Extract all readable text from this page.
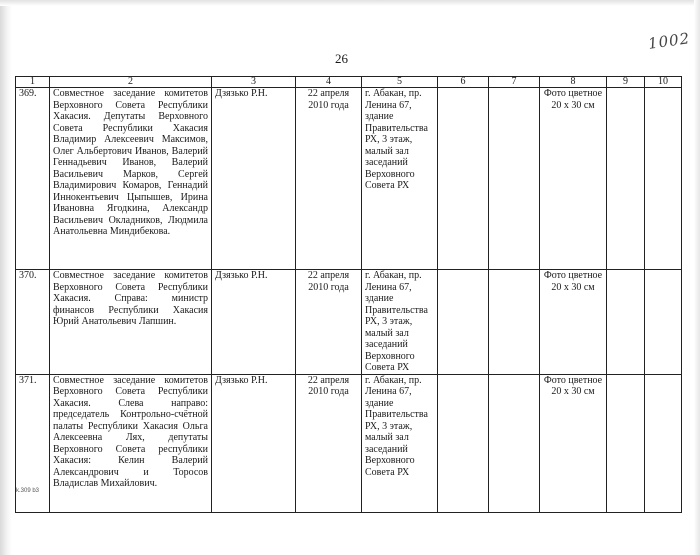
1002
26
1	2	3	4	5	6	7	8	9	10
369.	Совместное заседание комитетов Верховного Совета Республики Хакасия. Депутаты Верховного Совета Республики Хакасия Владимир Алексеевич Максимов, Олег Альбертович Иванов, Валерий Геннадьевич Иванов, Валерий Васильевич Марков, Сергей Владимирович Комаров, Геннадий Иннокентьевич Цыпышев, Ирина Ивановна Ягодкина, Александр Васильевич Окладников, Людмила Анатольевна Миндибекова.	Дзязько Р.Н.	22 апреля 2010 года	г. Абакан, пр. Ленина 67, здание Правительства РХ, 3 этаж, малый зал заседаний Верховного Совета РХ			Фото цветное 20 х 30 см		
370.	Совместное заседание комитетов Верховного Совета Республики Хакасия. Справа: министр финансов Республики Хакасия Юрий Анатольевич Лапшин.	Дзязько Р.Н.	22 апреля 2010 года	г. Абакан, пр. Ленина 67, здание Правительства РХ, 3 этаж, малый зал заседаний Верховного Совета РХ			Фото цветное 20 х 30 см		
371.	Совместное заседание комитетов Верховного Совета Республики Хакасия. Слева направо: председатель Контрольно-счётной палаты Республики Хакасия Ольга Алексеевна Лях, депутаты Верховного Совета республики Хакасия: Келин Валерий Александрович и Торосов Владислав Михайлович.	Дзязько Р.Н.	22 апреля 2010 года	г. Абакан, пр. Ленина 67, здание Правительства РХ, 3 этаж, малый зал заседаний Верховного Совета РХ			Фото цветное 20 х 30 см		
k.309 b3
